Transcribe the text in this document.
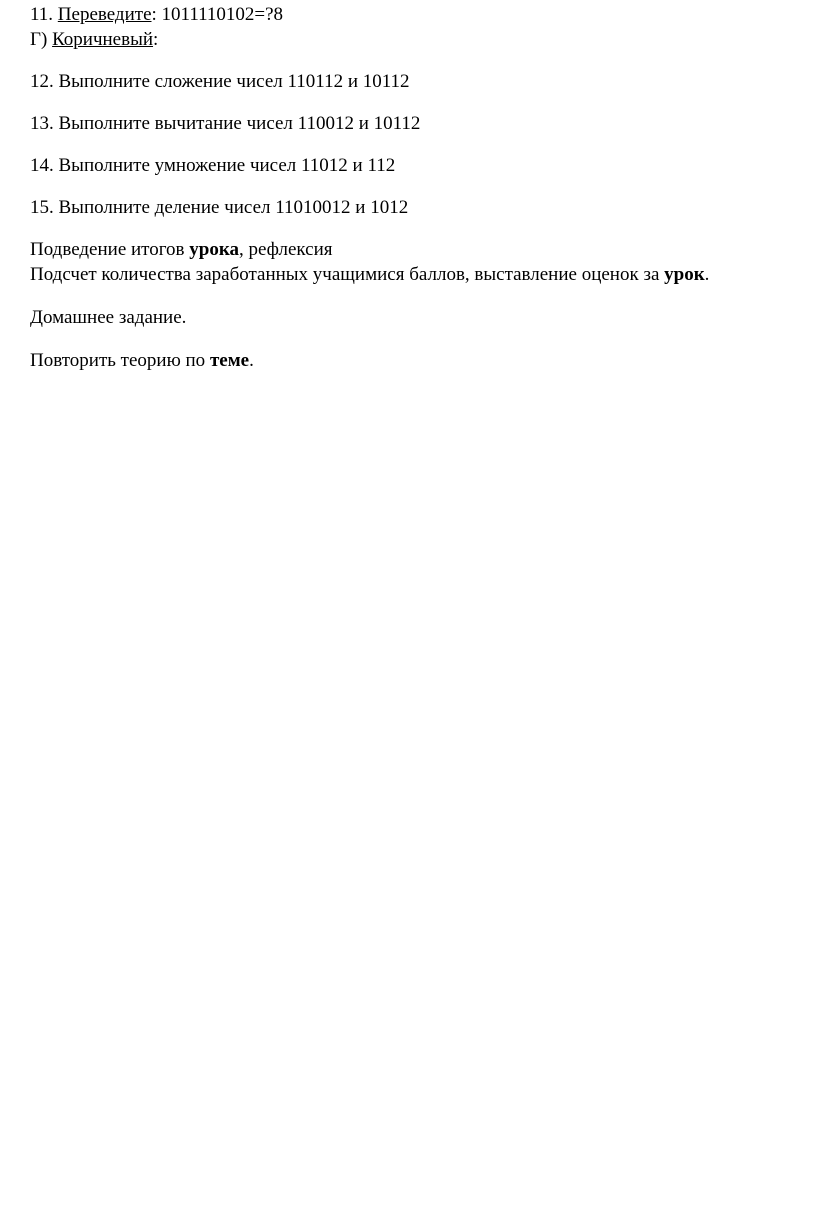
11. Переведите: 1011110102=?8
Г) Коричневый:
12. Выполните сложение чисел 110112 и 10112
13. Выполните вычитание чисел 110012 и 10112
14. Выполните умножение чисел 11012 и 112
15. Выполните деление чисел 11010012 и 1012
Подведение итогов урока, рефлексия
Подсчет количества заработанных учащимися баллов, выставление оценок за урок.
Домашнее задание.
Повторить теорию по теме.
